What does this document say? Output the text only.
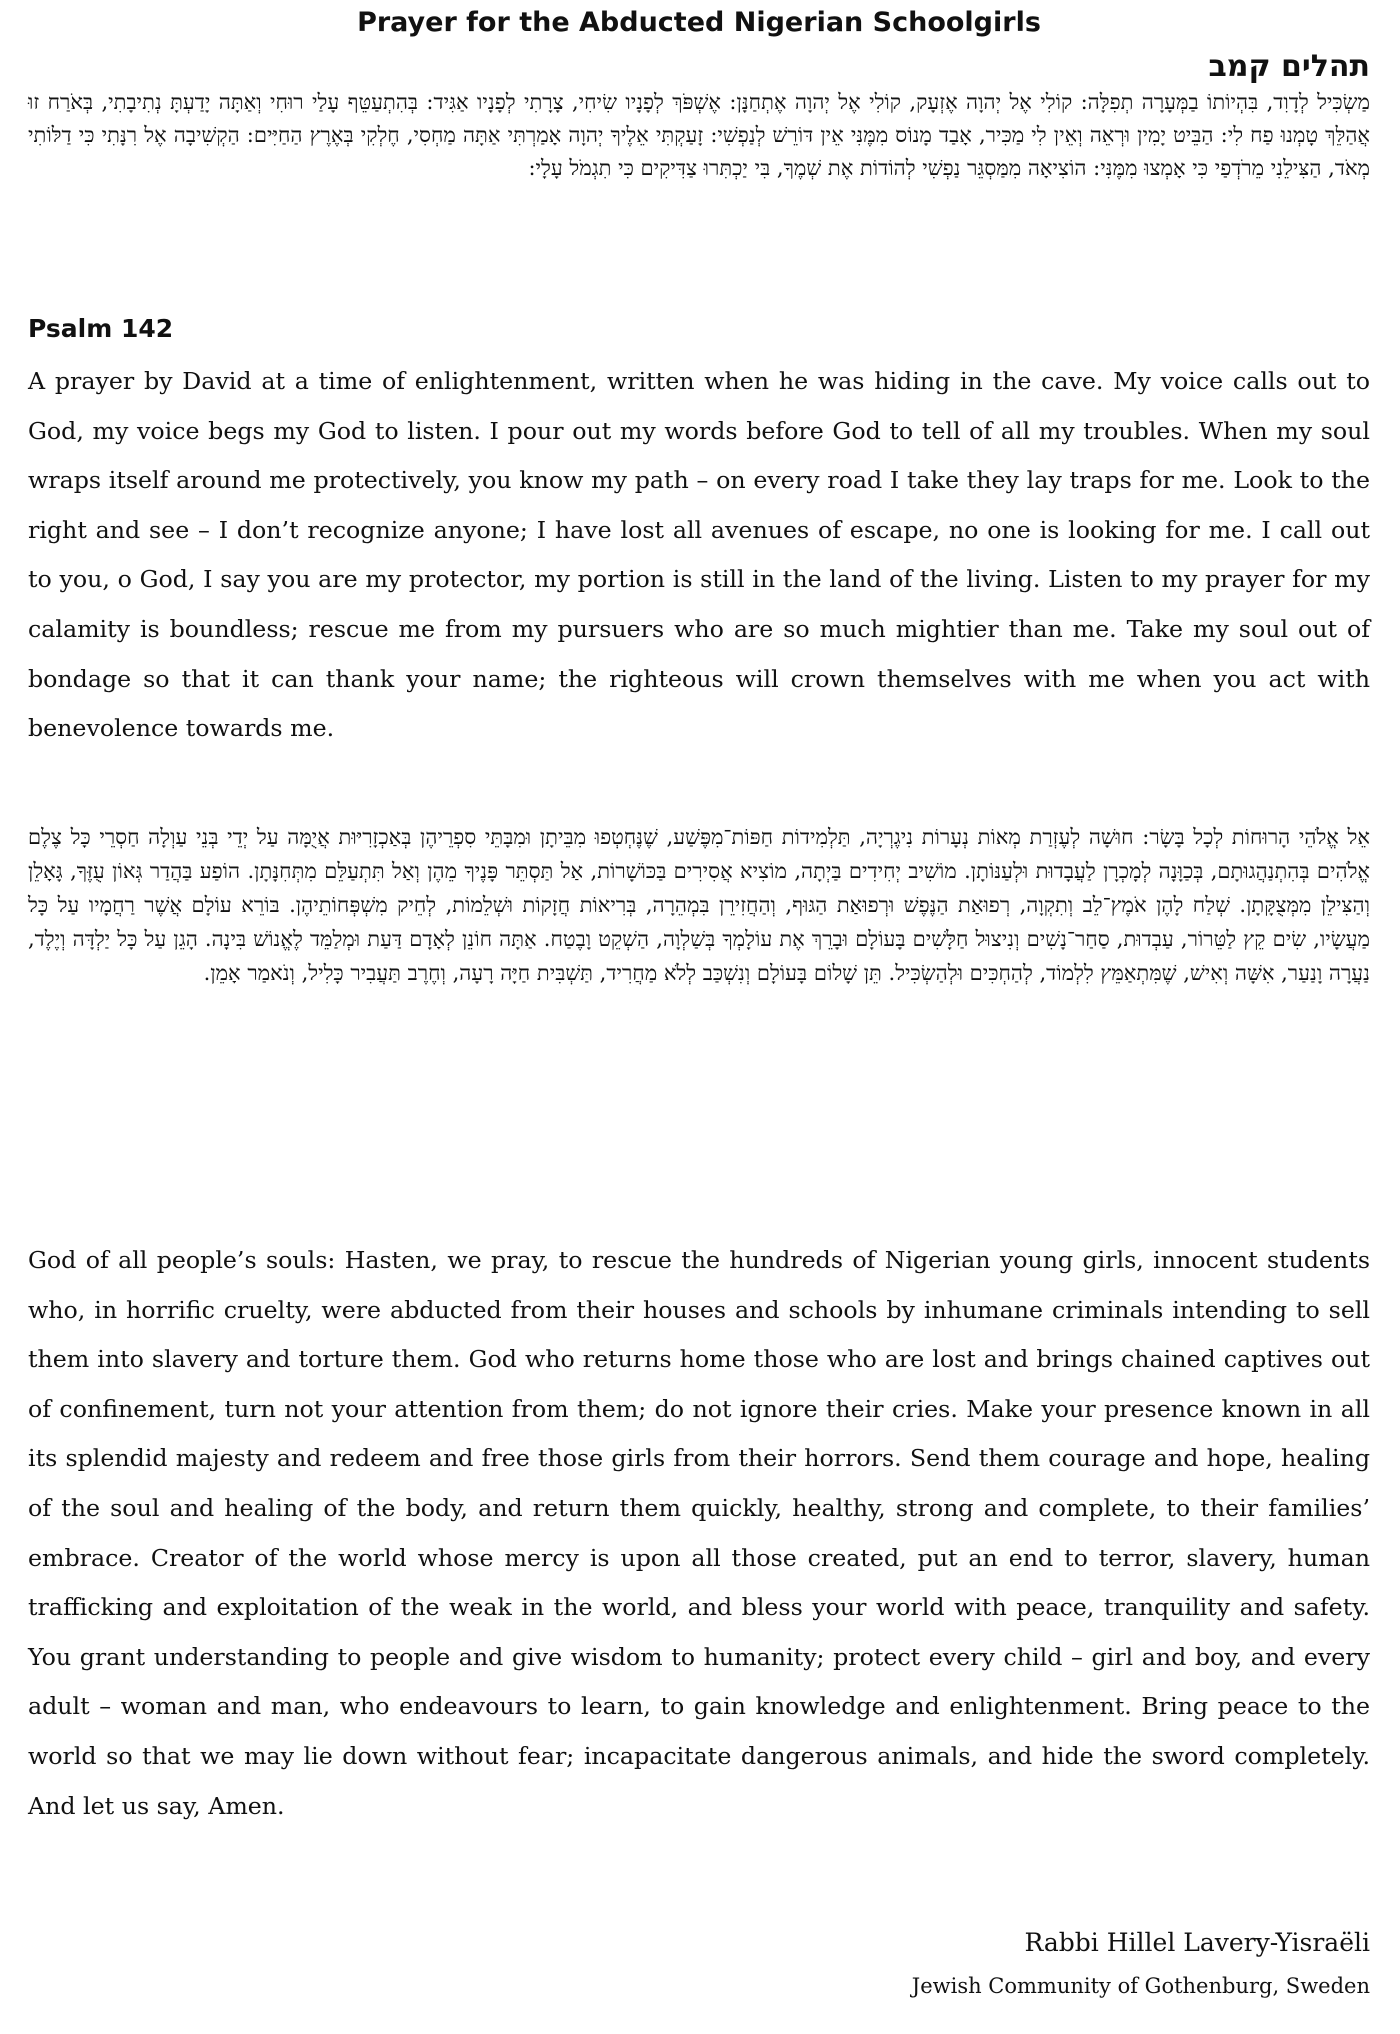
Prayer for the Abducted Nigerian Schoolgirls
תהלים קמב
מַשְׂכִּיל לְדָוִד, בִּהְיוֹתוֹ בַמְּעָרָה תְפִלָּה: קוֹלִי אֶל יְהוָה אֶזְעָק, קוֹלִי אֶל יְהוָה אֶתְחַנָּן: אֶשְׁפֹּךְ לְפָנָיו שִׂיחִי, צָרָתִי לְפָנָיו אַגִּיד: בְּהִתְעַטֵּף עָלַי רוּחִי וְאַתָּה יָדַעְתָּ נְתִיבָתִי, בְּאֹרַח זוּ אֲהַלֵּךְ טָמְנוּ פַח לִי: הַבֵּיט יָמִין וּרְאֵה וְאֵין לִי מַכִּיר, אָבַד מָנוֹס מִמֶּנִּי אֵין דּוֹרֵשׁ לְנַפְשִׁי: זָעַקְתִּי אֵלֶיךָ יְהוָה אָמַרְתִּי אַתָּה מַחְסִי, חֶלְקִי בְּאֶרֶץ הַחַיִּים: הַקְשִׁיבָה אֶל רִנָּתִי כִּי דַלּוֹתִי מְאֹד, הַצִּילֵנִי מֵרֹדְפַי כִּי אָמְצוּ מִמֶּנִּי: הוֹצִיאָה מִמַּסְגֵּר נַפְשִׁי לְהוֹדוֹת אֶת שְׁמֶךָ, בִּי יַכְתִּרוּ צַדִּיקִים כִּי תִגְמֹל עָלָי:
Psalm 142
A prayer by David at a time of enlightenment, written when he was hiding in the cave. My voice calls out to God, my voice begs my God to listen. I pour out my words before God to tell of all my troubles. When my soul wraps itself around me protectively, you know my path – on every road I take they lay traps for me. Look to the right and see – I don’t recognize anyone; I have lost all avenues of escape, no one is looking for me. I call out to you, o God, I say you are my protector, my portion is still in the land of the living. Listen to my prayer for my calamity is boundless; rescue me from my pursuers who are so much mightier than me. Take my soul out of bondage so that it can thank your name; the righteous will crown themselves with me when you act with benevolence towards me.
אֵל אֱלֹהֵי הָרוּחוֹת לְכָל בָּשָׂר: חוּשָׁה לְעֶזְרַת מְאוֹת נְעָרוֹת נִיגֶרְיָה, תַּלְמִידוֹת חַפּוֹת־מִפֶּשַׁע, שֶׁנֶּחְטְפוּ מִבֵּיתָן וּמִבָּתֵּי סִפְרֵיהֶן בְּאַכְזָרִיּוּת אֲיֻמָּה עַל יְדֵי בְּנֵי עַוְלָה חַסְרֵי כָּל צֶלֶם אֱלֹהִים בְּהִתְנַהֲגוּתָם, בְּכַוָּנָה לְמָכְרָן לַעֲבָדוּת וּלְעַנּוֹתָן. מוֹשִׁיב יְחִידִים בַּיְתָה, מוֹצִיא אֲסִירִים בַּכּוֹשָׁרוֹת, אַל תַּסְתֵּר פָּנֶיךָ מֵהֶן וְאַל תִּתְעַלֵּם מִתְּחִנָּתָן. הוֹפַע בַּהֲדַר גְּאוֹן עֻזֶּךָ, גָּאָלֵן וְהַצִּילֵן מִמְּצֻקָּתָן. שְׁלַח לָהֶן אֹמֶץ־לֵב וְתִקְוָה, רְפוּאַת הַנֶּפֶשׁ וּרְפוּאַת הַגּוּף, וְהַחֲזִירֵן בִּמְהֵרָה, בְּרִיאוֹת חֲזָקוֹת וּשְׁלֵמוֹת, לְחֵיק מִשְׁפְּחוֹתֵיהֶן. בּוֹרֵא עוֹלָם אֲשֶׁר רַחֲמָיו עַל כָּל מַעֲשָׂיו, שִׂים קֵץ לַטֵּרוֹר, עַבְדוּת, סַחַר־נָשִׁים וְנִיצוּל חַלָּשִׁים בָּעוֹלָם וּבָרֵךְ אֶת עוֹלָמְךָ בְּשַׁלְוָה, הַשְׁקֵט וָבֶטַח. אַתָּה חוֹנֵן לְאָדָם דַּעַת וּמְלַמֵּד לֶאֱנוֹשׁ בִּינָה. הָגֵן עַל כָּל יַלְדָּה וְיֶלֶד, נַעֲרָה וָנַעַר, אִשָּׁה וְאִישׁ, שֶׁמִּתְאַמֵּץ לִלְמוֹד, לְהַחְכִּים וּלְהַשְׂכִּיל. תֵּן שָׁלוֹם בָּעוֹלָם וְנִשְׁכַּב לְלֹא מַחֲרִיד, תַּשְׁבִּית חַיָּה רָעָה, וְחֶרֶב תַּעֲבִיר כָּלִיל, וְנֹאמַר אָמֵן.
God of all people’s souls: Hasten, we pray, to rescue the hundreds of Nigerian young girls, innocent students who, in horrific cruelty, were abducted from their houses and schools by inhumane criminals intending to sell them into slavery and torture them. God who returns home those who are lost and brings chained captives out of confinement, turn not your attention from them; do not ignore their cries. Make your presence known in all its splendid majesty and redeem and free those girls from their horrors. Send them courage and hope, healing of the soul and healing of the body, and return them quickly, healthy, strong and complete, to their families’ embrace. Creator of the world whose mercy is upon all those created, put an end to terror, slavery, human trafficking and exploitation of the weak in the world, and bless your world with peace, tranquility and safety. You grant understanding to people and give wisdom to humanity; protect every child – girl and boy, and every adult – woman and man, who endeavours to learn, to gain knowledge and enlightenment. Bring peace to the world so that we may lie down without fear; incapacitate dangerous animals, and hide the sword completely. And let us say, Amen.
Rabbi Hillel Lavery-Yisraëli
Jewish Community of Gothenburg, Sweden
